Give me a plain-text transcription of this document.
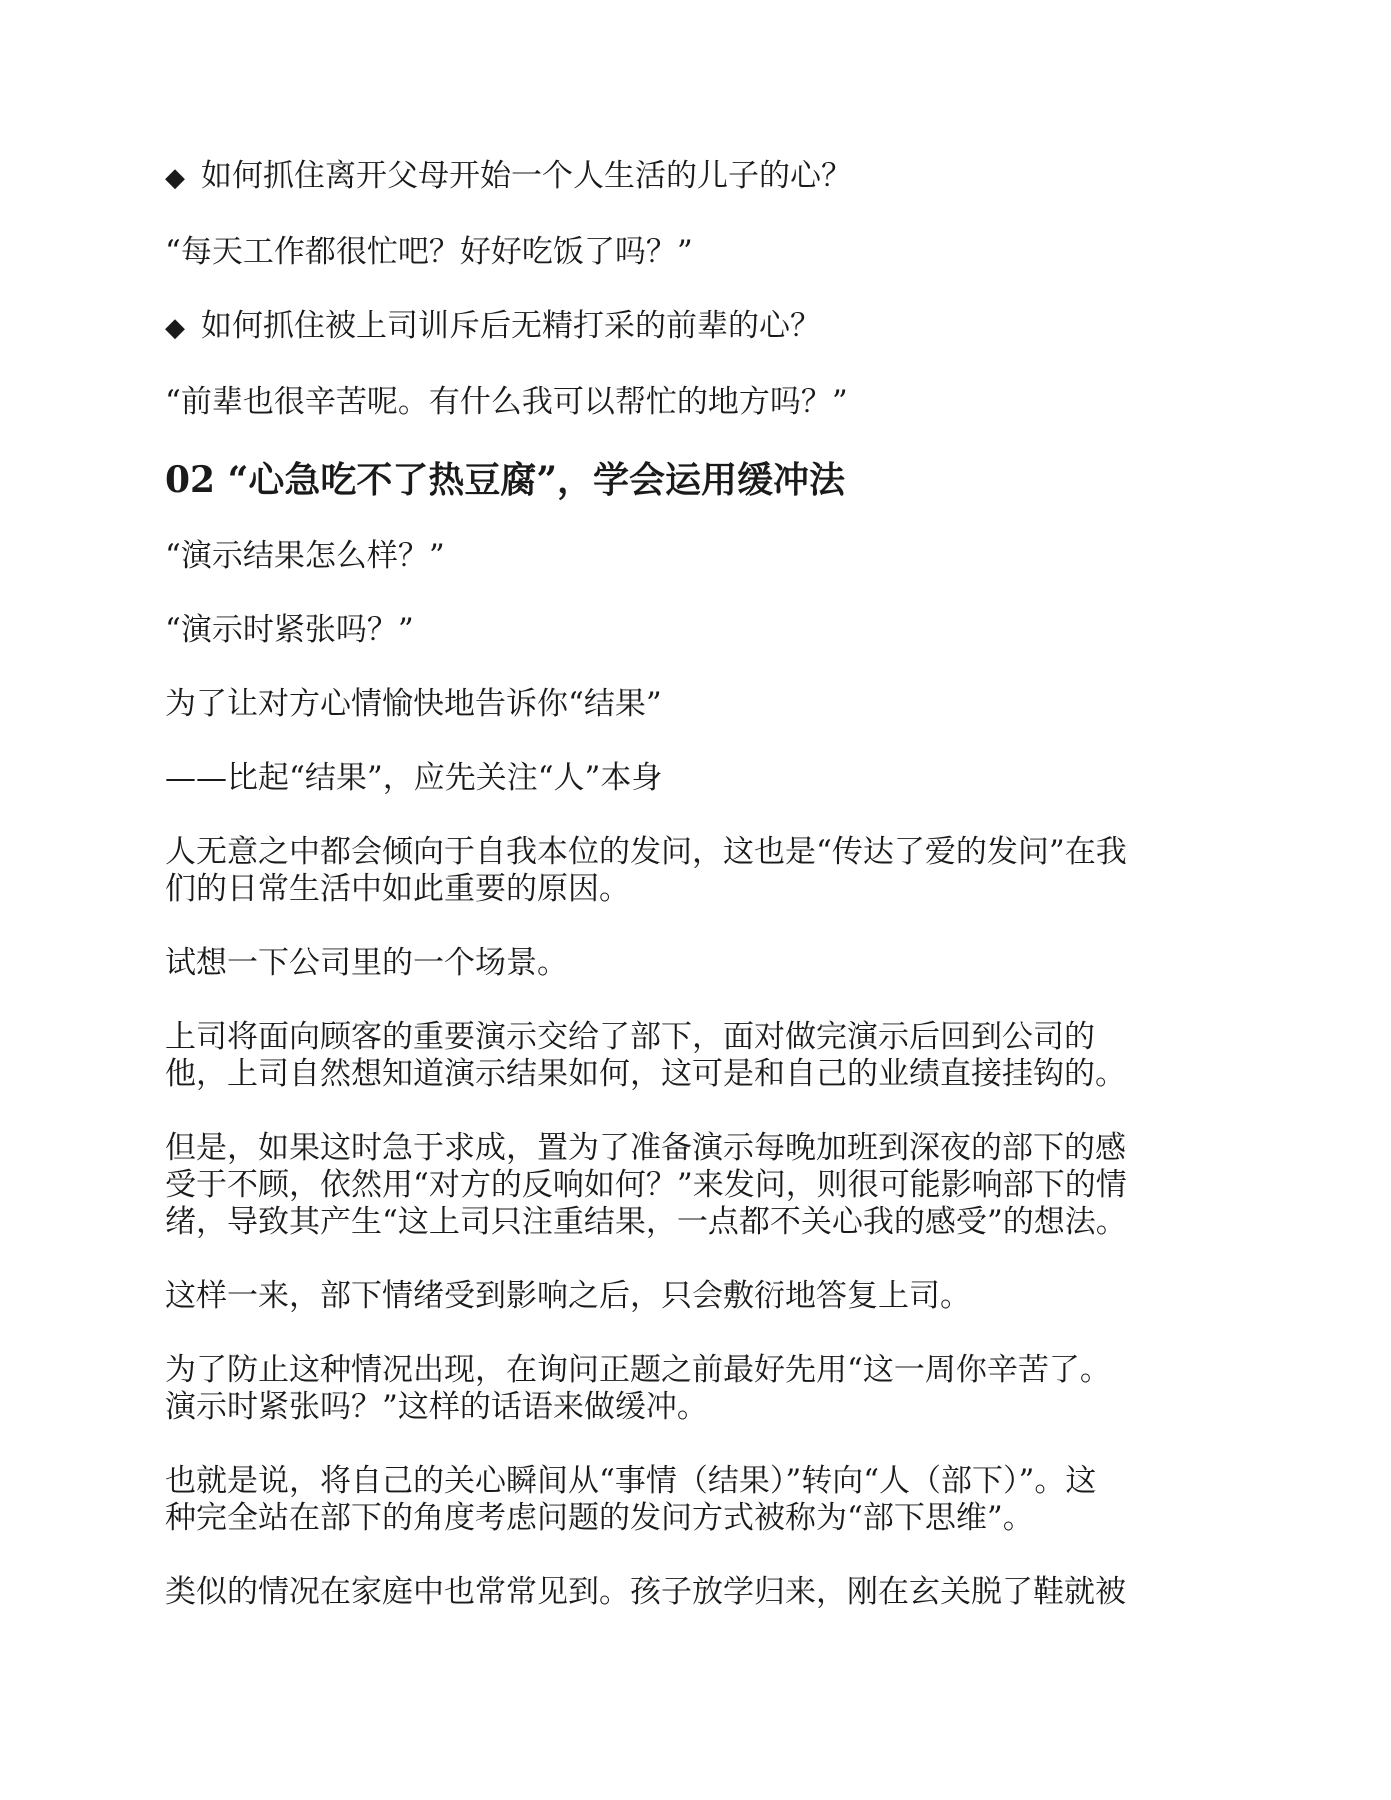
◆ 如何抓住离开父母开始一个人生活的儿子的心？

“每天工作都很忙吧？好好吃饭了吗？”

◆ 如何抓住被上司训斥后无精打采的前辈的心？

“前辈也很辛苦呢。有什么我可以帮忙的地方吗？”

02 “心急吃不了热豆腐”，学会运用缓冲法

“演示结果怎么样？”

“演示时紧张吗？”

为了让对方心情愉快地告诉你“结果”

——比起“结果”，应先关注“人”本身

人无意之中都会倾向于自我本位的发问，这也是“传达了爱的发问”在我
们的日常生活中如此重要的原因。

试想一下公司里的一个场景。

上司将面向顾客的重要演示交给了部下，面对做完演示后回到公司的
他，上司自然想知道演示结果如何，这可是和自己的业绩直接挂钩的。

但是，如果这时急于求成，置为了准备演示每晚加班到深夜的部下的感
受于不顾，依然用“对方的反响如何？”来发问，则很可能影响部下的情
绪，导致其产生“这上司只注重结果，一点都不关心我的感受”的想法。

这样一来，部下情绪受到影响之后，只会敷衍地答复上司。

为了防止这种情况出现，在询问正题之前最好先用“这一周你辛苦了。
演示时紧张吗？”这样的话语来做缓冲。

也就是说，将自己的关心瞬间从“事情（结果）”转向“人（部下）”。这
种完全站在部下的角度考虑问题的发问方式被称为“部下思维”。

类似的情况在家庭中也常常见到。孩子放学归来，刚在玄关脱了鞋就被
